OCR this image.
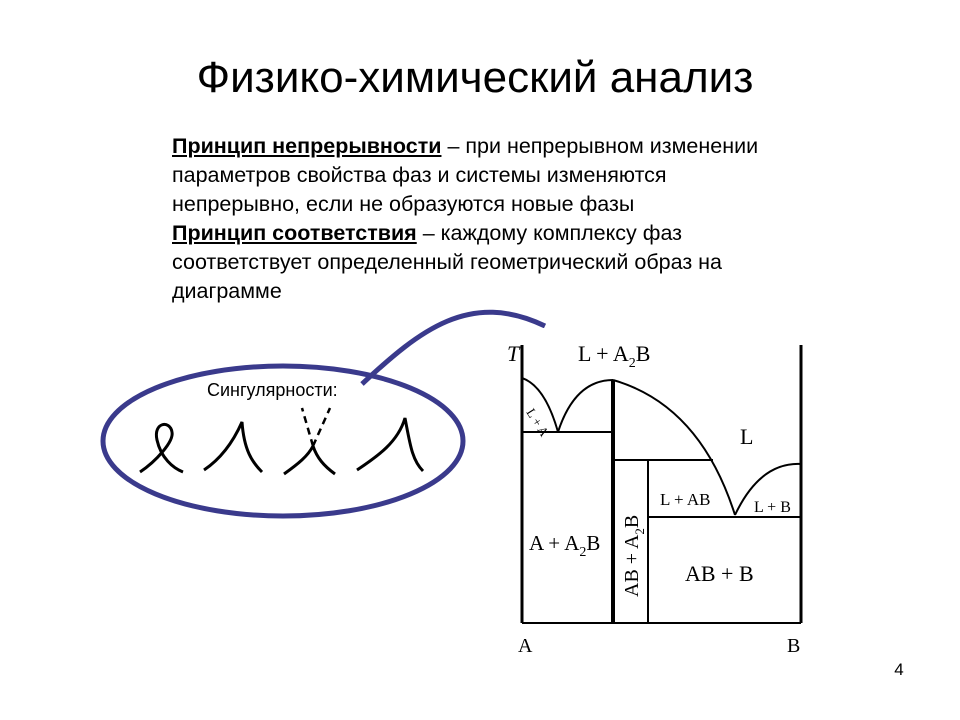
Физико-химический анализ

Принцип непрерывности – при непрерывном изменении параметров свойства фаз и системы изменяются непрерывно, если не образуются новые фазы

Принцип соответствия – каждому комплексу фаз соответствует определенный геометрический образ на диаграмме

Сингулярности:
T
A	B
$L + A_2B$
L
L + A
L + AB	L + B
$A + A_2B$ AB + $A_2B$
AB + B
4
